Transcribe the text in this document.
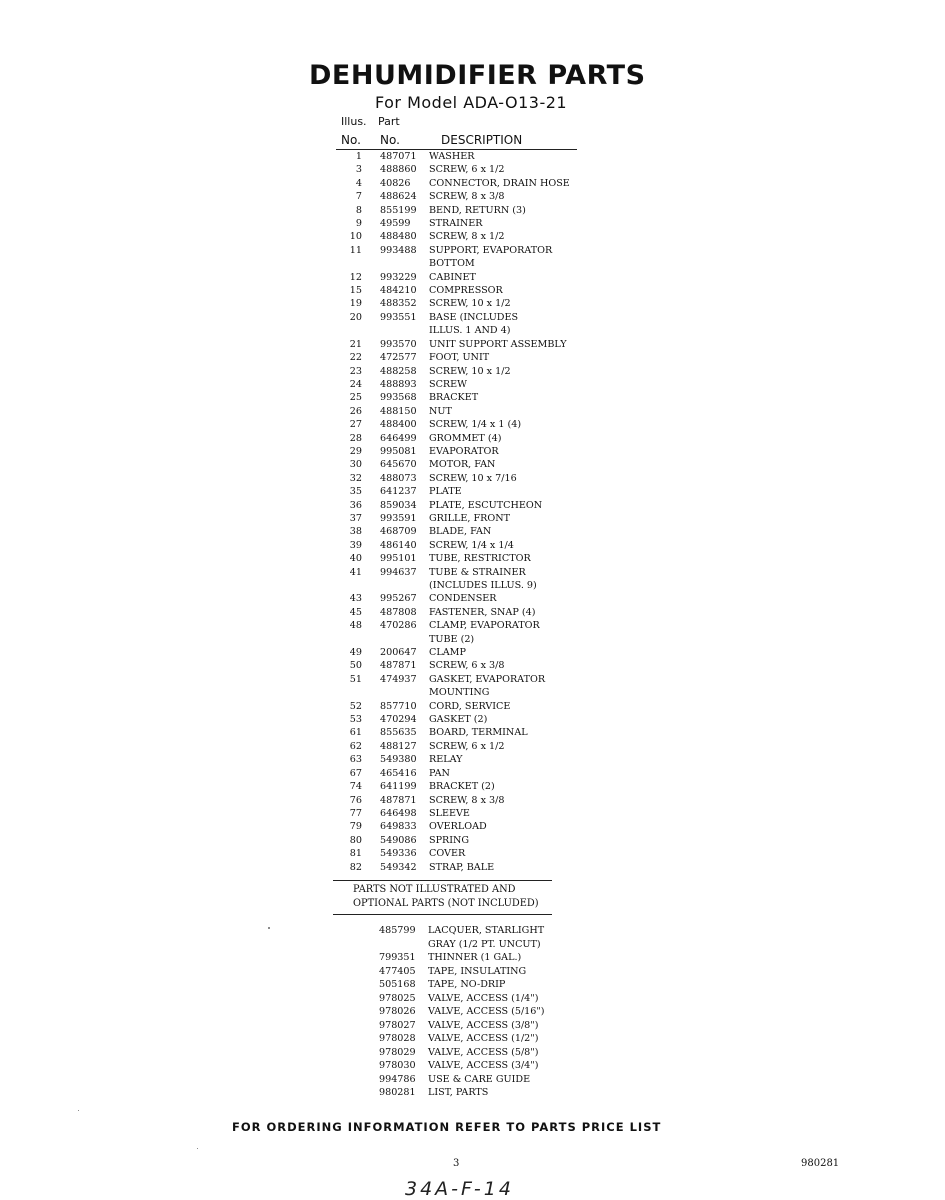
DEHUMIDIFIER PARTS
For Model ADA-O13-21
Illus. Part
No. No.	DESCRIPTION
1 487071 WASHER
3 488860 SCREW, 6 x 1/2
4 40826 CONNECTOR, DRAIN HOSE
7 488624 SCREW, 8 x 3/8
8 855199 BEND, RETURN (3)
9 49599 STRAINER
10 488480 SCREW, 8 x 1/2
11 993488 SUPPORT, EVAPORATOR
BOTTOM
12 993229 CABINET
15 484210 COMPRESSOR
19 488352 SCREW, 10 x 1/2
20 993551 BASE (INCLUDES
ILLUS. 1 AND 4)
21 993570 UNIT SUPPORT ASSEMBLY
22 472577 FOOT, UNIT
23 488258 SCREW, 10 x 1/2
24 488893 SCREW
25 993568 BRACKET
26 488150 NUT
27 488400 SCREW, 1/4 x 1 (4)
28 646499 GROMMET (4)
29 995081 EVAPORATOR
30 645670 MOTOR, FAN
32 488073 SCREW, 10 x 7/16
35 641237 PLATE
36 859034 PLATE, ESCUTCHEON
37 993591 GRILLE, FRONT
38 468709 BLADE, FAN
39 486140 SCREW, 1/4 x 1/4
40 995101 TUBE, RESTRICTOR
41 994637 TUBE & STRAINER
(INCLUDES ILLUS. 9)
43 995267 CONDENSER
45 487808 FASTENER, SNAP (4)
48 470286 CLAMP, EVAPORATOR
TUBE (2)
49 200647 CLAMP
50 487871 SCREW, 6 x 3/8
51 474937 GASKET, EVAPORATOR
MOUNTING
52 857710 CORD, SERVICE
53 470294 GASKET (2)
61 855635 BOARD, TERMINAL
62 488127 SCREW, 6 x 1/2
63 549380 RELAY
67 465416 PAN
74 641199 BRACKET (2)
76 487871 SCREW, 8 x 3/8
77 646498 SLEEVE
79 649833 OVERLOAD
80 549086 SPRING
81 549336 COVER
82 549342 STRAP, BALE
PARTS NOT ILLUSTRATED AND
OPTIONAL PARTS (NOT INCLUDED)
485799 LACQUER, STARLIGHT
GRAY (1/2 PT. UNCUT)
799351 THINNER (1 GAL.)
477405 TAPE, INSULATING
505168 TAPE, NO-DRIP
978025 VALVE, ACCESS (1/4")
978026 VALVE, ACCESS (5/16")
978027 VALVE, ACCESS (3/8")
978028 VALVE, ACCESS (1/2")
978029 VALVE, ACCESS (5/8")
978030 VALVE, ACCESS (3/4")
994786 USE & CARE GUIDE
980281 LIST, PARTS
FOR ORDERING INFORMATION REFER TO PARTS PRICE LIST
3	980281
34A-F-14
